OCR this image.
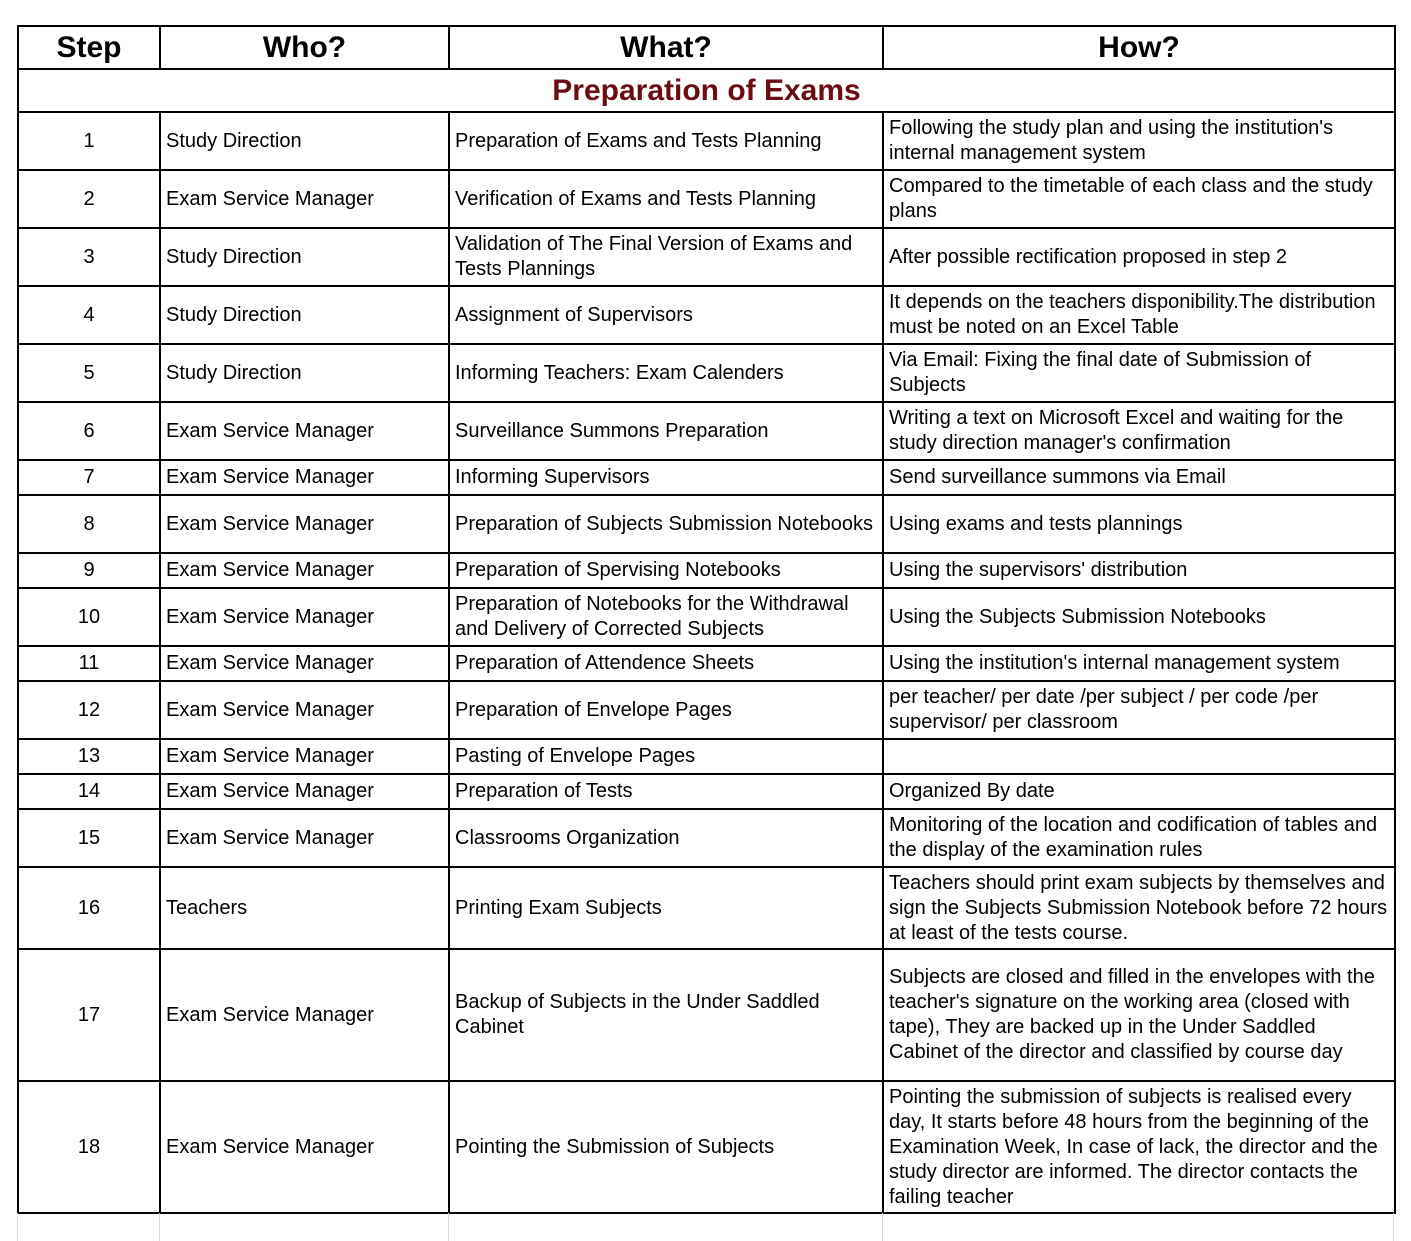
Step	Who?	What?	How?
Preparation of Exams			
1	Study Direction	Preparation of Exams and Tests Planning	Following the study plan and using the institution's internal management system
2	Exam Service Manager	Verification of Exams and Tests Planning	Compared to the timetable of each class and the study plans
3	Study Direction	Validation of The Final Version of Exams and Tests Plannings	After possible rectification proposed in step 2
4	Study Direction	Assignment of Supervisors	It depends on the teachers disponibility.The distribution must be noted on an Excel Table
5	Study Direction	Informing Teachers: Exam Calenders	Via Email: Fixing the final date of Submission of Subjects
6	Exam Service Manager	Surveillance Summons Preparation	Writing a text on Microsoft Excel and waiting for the study direction manager's confirmation
7	Exam Service Manager	Informing Supervisors	Send surveillance summons via Email
8	Exam Service Manager	Preparation of Subjects Submission Notebooks	Using exams and tests plannings
9	Exam Service Manager	Preparation of Spervising Notebooks	Using the supervisors' distribution
10	Exam Service Manager	Preparation of Notebooks for the Withdrawal and Delivery of Corrected Subjects	Using the Subjects Submission Notebooks
11	Exam Service Manager	Preparation of Attendence Sheets	Using the institution's internal management system
12	Exam Service Manager	Preparation of Envelope Pages	per teacher/ per date /per subject / per code /per supervisor/ per classroom
13	Exam Service Manager	Pasting of Envelope Pages	
14	Exam Service Manager	Preparation of Tests	Organized By date
15	Exam Service Manager	Classrooms Organization	Monitoring of the location and codification of tables and the display of the examination rules
16	Teachers	Printing Exam Subjects	Teachers should print exam subjects by themselves and sign the Subjects Submission Notebook before 72 hours at least of the tests course.
17	Exam Service Manager	Backup of Subjects in the Under Saddled Cabinet	Subjects are closed and filled in the envelopes with the teacher's signature on the working area (closed with tape), They are backed up in the Under Saddled Cabinet of the director and classified by course day
18	Exam Service Manager	Pointing the Submission of Subjects	Pointing the submission of subjects is realised every day, It starts before 48 hours from the beginning of the Examination Week, In case of lack, the director and the study director are informed. The director contacts the failing teacher
